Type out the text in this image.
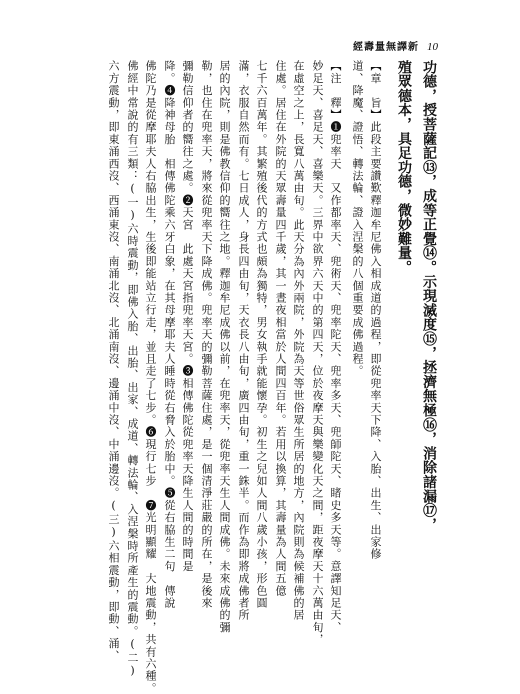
經壽量無譯新 10
功德，授菩薩記⑬，成等正覺⑭。示現滅度⑮，拯濟無極⑯，消除諸漏⑰，
殖眾德本，具足功德，微妙難量。
【章　旨】此段主要讚歎釋迦牟尼佛入相成道的過程，即從兜率天下降、入胎、出生、出家修
道、降魔、證悟、轉法輪、證入涅槃的八個重要成佛過程。
【注　釋】❶兜率天　又作都率天、兜術天、兜率陀天、兜率多天、兜師陀天、睹史多天等。意譯知足天、
妙足天、喜足天、喜樂天。三界中欲界六天中的第四天，位於夜摩天與樂變化天之間，距夜摩天十六萬由旬，
在虛空之上，長寬八萬由旬。此天分為內外兩院，外院為天等世俗眾生所居的地方，內院則為候補佛的居
住處。居住在外院的天眾壽量四千歲，其一晝夜相當於人間四百年。若用以換算，其壽量為人間五億
七千六百萬年。其繁殖後代的方式也頗為獨特，男女執手就能懷孕。初生之兒如人間八歲小孩，形色圓
滿，衣服自然而有。七日成人，身長四由旬，天衣長八由旬，廣四由旬，重一銖半。而作為即將成佛者所
居的內院，則是佛教信仰的嚮往之地。釋迦牟尼成佛以前，在兜率天，從兜率天生人間成佛。未來成佛的彌
勒，也住在兜率天，將來從兜率天下降成佛。兜率天的彌勒菩薩住處，是一個清淨莊嚴的所在，是後來
彌勒信仰者的嚮往之處。❷天宮　此處天宮指兜率天宮。❸相傳佛陀從兜率天降生人間的時間是
降。❹降神母胎　相傳佛陀乘六牙白象，在其母摩耶夫人睡時從右脅入於胎中。❺從右脇生二句　傳說
佛陀乃是從摩耶夫人右脇出生，生後即能站立行走，並且走了七步。❻現行七步　❼光明顯耀　大地震動，共有六種。
佛經中常說的有三類：(一)六時震動，即佛入胎、出胎、出家、成道、轉法輪、入涅槃時所產生的震動。(二)
六方震動，即東涌西沒、西涌東沒、南涌北沒、北涌南沒、邊涌中沒、中涌邊沒。(三)六相震動，即動、涌、
